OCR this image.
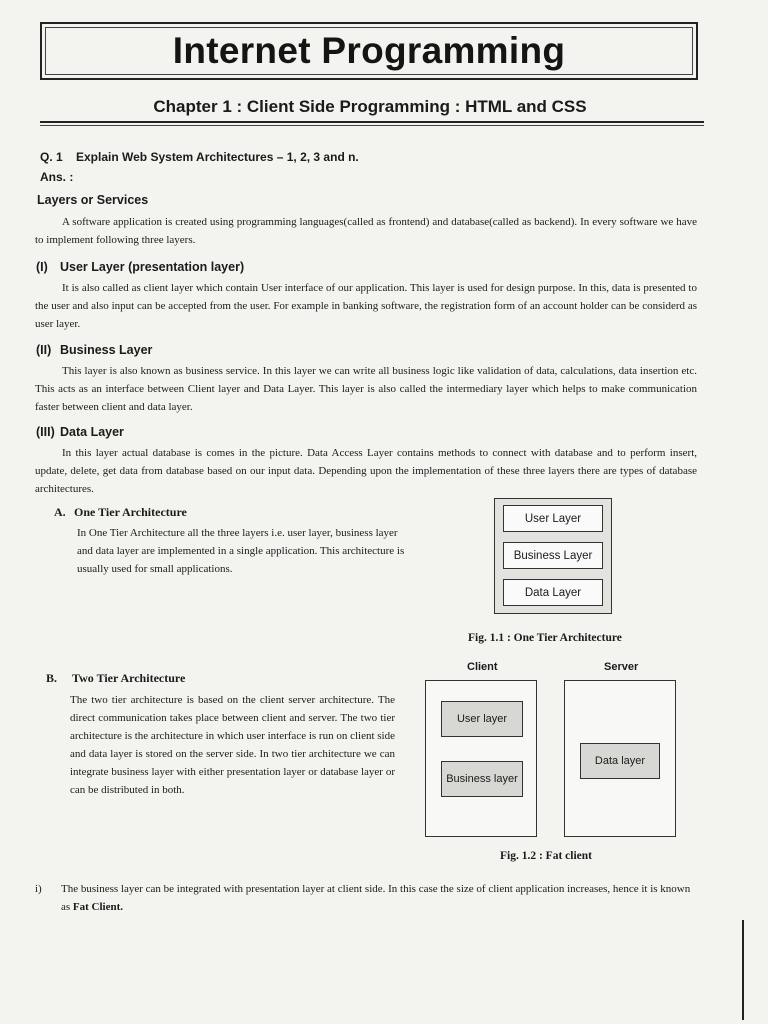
Internet Programming
Chapter 1 : Client Side Programming : HTML and CSS
Q. 1 Explain Web System Architectures – 1, 2, 3 and n.
Ans. :
Layers or Services
A software application is created using programming languages(called as frontend) and database(called as backend). In every software we have to implement following three layers.
(I) User Layer (presentation layer)
It is also called as client layer which contain User interface of our application. This layer is used for design purpose. In this, data is presented to the user and also input can be accepted from the user. For example in banking software, the registration form of an account holder can be considerd as user layer.
(II) Business Layer
This layer is also known as business service. In this layer we can write all business logic like validation of data, calculations, data insertion etc. This acts as an interface between Client layer and Data Layer. This layer is also called the intermediary layer which helps to make communication faster between client and data layer.
(III) Data Layer
In this layer actual database is comes in the picture. Data Access Layer contains methods to connect with database and to perform insert, update, delete, get data from database based on our input data. Depending upon the implementation of these three layers there are types of database architectures.
A. One Tier Architecture
In One Tier Architecture all the three layers i.e. user layer, business layer and data layer are implemented in a single application. This architecture is usually used for small applications.
User Layer
Business Layer
Data Layer
Fig. 1.1 : One Tier Architecture
B. Two Tier Architecture
The two tier architecture is based on the client server architecture. The direct communication takes place between client and server. The two tier architecture is the architecture in which user interface is run on client side and data layer is stored on the server side. In two tier architecture we can integrate business layer with either presentation layer or database layer or can be distributed in both.
Client	Server
User layer
Business layer
Data layer
Fig. 1.2 : Fat client
i) The business layer can be integrated with presentation layer at client side. In this case the size of client application increases, hence it is known as Fat Client.
